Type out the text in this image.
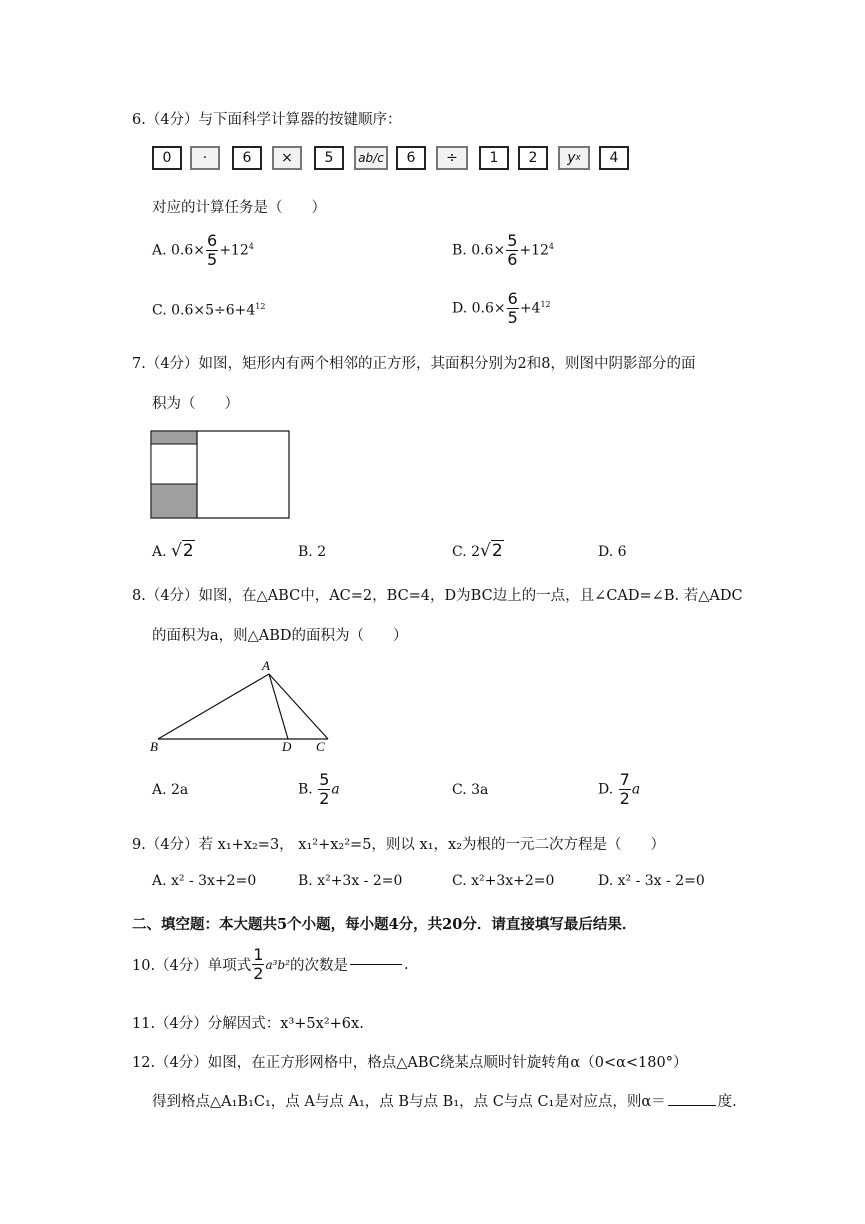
6.（4分）与下面科学计算器的按键顺序：
0	·	6	×	5	ab/c	6	÷	1	2	y x	4
对应的计算任务是（　　）
A. $0.6\times \frac{6}{5} +12^4$	B. $0.6\times \frac{5}{6} +12^4$
C. $0.6\times 5\div 6+4^{12}$	D. $0.6\times \frac{6}{5} +4^{12}$
7.（4分）如图，矩形内有两个相邻的正方形，其面积分别为2和8，则图中阴影部分的面
积为（　　）
A. √2	B. 2	C. 2√2	D. 6
8.（4分）如图，在△ABC中，AC=2，BC=4，D为BC边上的一点，且∠CAD=∠B. 若△ADC
的面积为a，则△ABD的面积为（　　）
A
B	D C
A. 2a	B. $\frac{5}{2}$ a	C. 3a	D. $\frac{7}{2}$ a
9.（4分）若 x₁+x₂=3， x₁²+x₂²=5，则以 x₁，x₂为根的一元二次方程是（　　）
A. x² - 3x+2=0	B. x²+3x - 2=0	C. x²+3x+2=0	D. x² - 3x - 2=0
二、填空题：本大题共5个小题，每小题4分，共20分．请直接填写最后结果．
10.（4分）单项式 $\frac{1}{2} a^3b^2$ 的次数是	.
11.（4分）分解因式：x³+5x²+6x.
12.（4分）如图，在正方形网格中，格点△ABC绕某点顺时针旋转角α（0<α<180°）
得到格点△A₁B₁C₁，点 A与点 A₁，点 B与点 B₁，点 C与点 C₁是对应点，则α＝	度.
